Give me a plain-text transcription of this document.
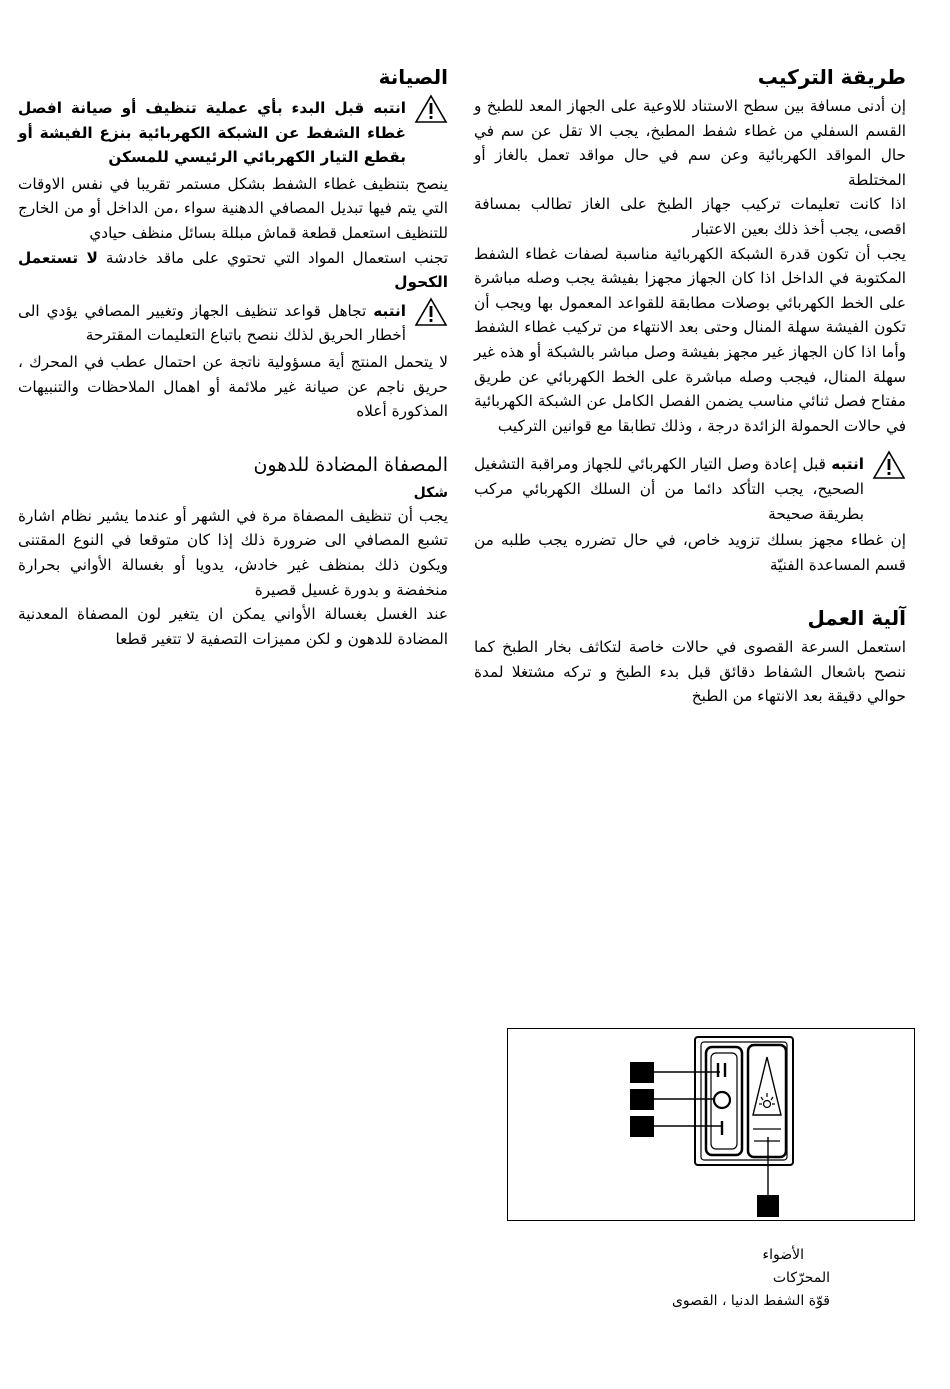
طريقة التركيب

إن أدنى مسافة بين سطح الاستناد للاوعية على الجهاز المعد للطبخ و القسم السفلي من غطاء شفط المطبخ، يجب الا تقل عن سم في حال المواقد الكهربائية وعن سم في حال مواقد تعمل بالغاز أو المختلطة

اذا كانت تعليمات تركيب جهاز الطبخ على الغاز تطالب بمسافة اقصى، يجب أخذ ذلك بعين الاعتبار

يجب أن تكون قدرة الشبكة الكهربائية مناسبة لصفات غطاء الشفط المكتوبة في الداخل اذا كان الجهاز مجهزا بفيشة يجب وصله مباشرة على الخط الكهربائي بوصلات مطابقة للقواعد المعمول بها ويجب أن تكون الفيشة سهلة المنال وحتى بعد الانتهاء من تركيب غطاء الشفط وأما اذا كان الجهاز غير مجهز بفيشة وصل مباشر بالشبكة أو هذه غير سهلة المنال، فيجب وصله مباشرة على الخط الكهربائي عن طريق مفتاح فصل ثنائي مناسب يضمن الفصل الكامل عن الشبكة الكهربائية في حالات الحمولة الزائدة درجة ، وذلك تطابقا مع قوانين التركيب

انتبه قبل إعادة وصل التيار الكهربائي للجهاز ومراقبة التشغيل الصحيح، يجب التأكد دائما من أن السلك الكهربائي مركب بطريقة صحيحة

إن غطاء مجهز بسلك تزويد خاص، في حال تضرره يجب طلبه من قسم المساعدة الفنيّة

آلية العمل

استعمل السرعة القصوى في حالات خاصة لتكاثف بخار الطبخ كما ننصح باشعال الشفاط دقائق قبل بدء الطبخ و تركه مشتغلا لمدة حوالي دقيقة بعد الانتهاء من الطبخ

الصيانة

انتبه قبل البدء بأي عملية تنظيف أو صيانة افصل غطاء الشفط عن الشبكة الكهربائية بنزع الفيشة أو بقطع التيار الكهربائي الرئيسي للمسكن

ينصح بتنظيف غطاء الشفط بشكل مستمر تقريبا في نفس الاوقات التي يتم فيها تبديل المصافي الدهنية سواء ،من الداخل أو من الخارج للتنظيف استعمل قطعة قماش مبللة بسائل منظف حيادي

تجنب استعمال المواد التي تحتوي على ماقد خادشة لا تستعمل الكحول

انتبه تجاهل قواعد تنظيف الجهاز وتغيير المصافي يؤدي الى أخطار الحريق لذلك ننصح باتباع التعليمات المقترحة

لا يتحمل المنتج أية مسؤولية ناتجة عن احتمال عطب في المحرك ، حريق ناجم عن صيانة غير ملائمة أو اهمال الملاحظات والتنبيهات المذكورة أعلاه

المصفاة المضادة للدهون
شكل

يجب أن تنظيف المصفاة مرة في الشهر أو عندما يشير نظام اشارة تشبع المصافي الى ضرورة ذلك إذا كان متوقعا في النوع المقتنى ويكون ذلك بمنظف غير خادش، يدويا أو بغسالة الأواني بحرارة منخفضة و بدورة غسيل قصيرة

عند الغسل بغسالة الأواني يمكن ان يتغير لون المصفاة المعدنية المضادة للدهون و لكن مميزات التصفية لا تتغير قطعا

الأضواء
المحرّكات
قوّة الشفط الدنيا ، القصوى
